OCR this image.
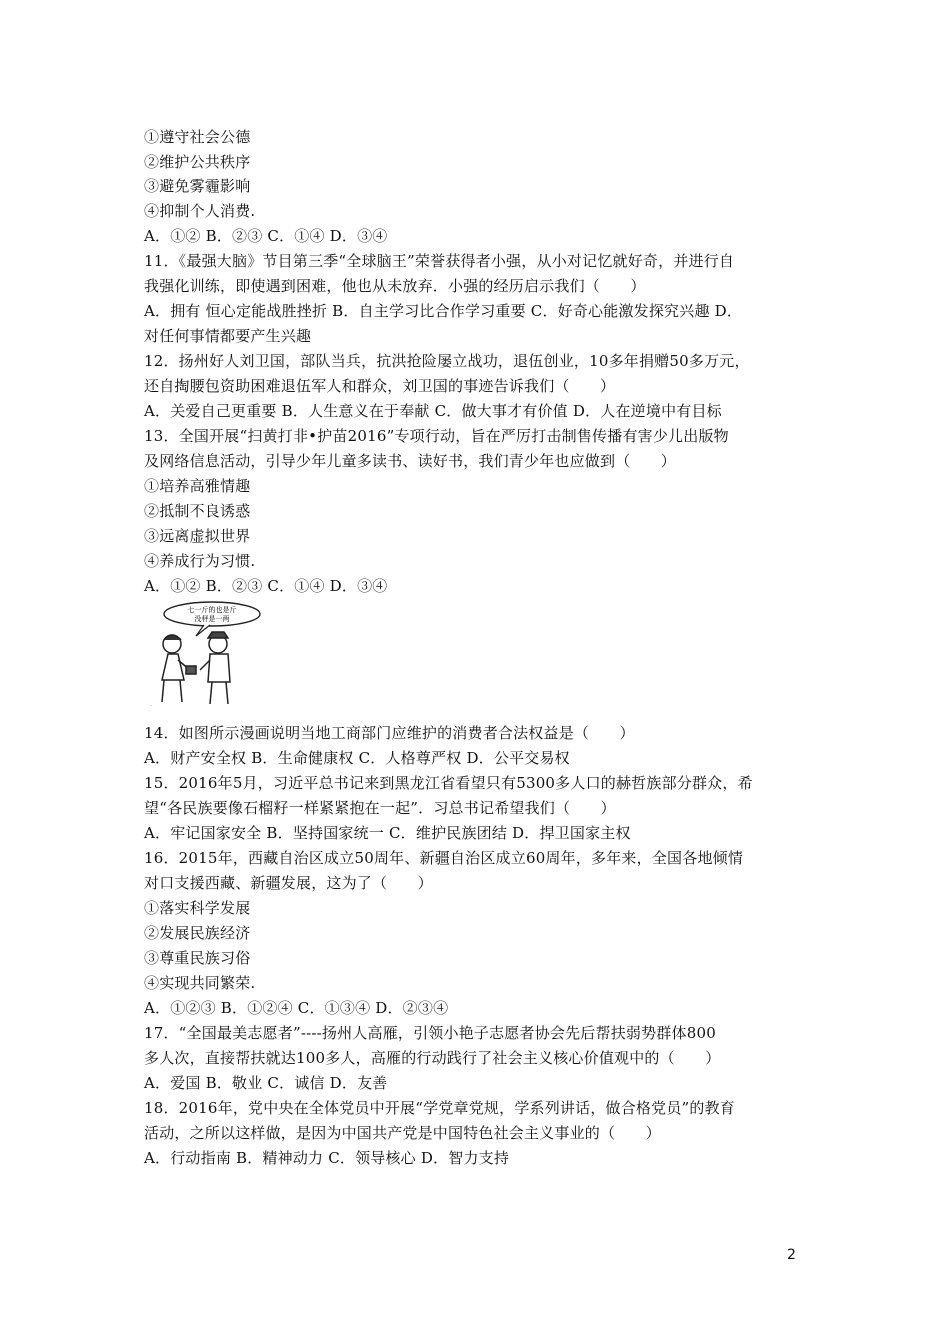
①遵守社会公德
②维护公共秩序
③避免雾霾影响
④抑制个人消费.
A．①② B．②③ C．①④ D．③④
11．《最强大脑》节目第三季“全球脑王”荣誉获得者小强，从小对记忆就好奇，并进行自
我强化训练，即使遇到困难，他也从未放弃．小强的经历启示我们（　　）
A．拥有 恒心定能战胜挫折 B．自主学习比合作学习重要 C．好奇心能激发探究兴趣 D．
对任何事情都要产生兴趣
12．扬州好人刘卫国，部队当兵，抗洪抢险屡立战功，退伍创业，10多年捐赠50多万元，
还自掏腰包资助困难退伍军人和群众，刘卫国的事迹告诉我们（　　）
A．关爱自己更重要 B．人生意义在于奉献 C．做大事才有价值 D．人在逆境中有目标
13．全国开展“扫黄打非•护苗2016”专项行动，旨在严厉打击制售传播有害少儿出版物
及网络信息活动，引导少年儿童多读书、读好书，我们青少年也应做到（　　）
①培养高雅情趣
②抵制不良诱惑
③远离虚拟世界
④养成行为习惯.
A．①② B．②③ C．①④ D．③④
七一斤的也是斤
没秤是一两
·
14．如图所示漫画说明当地工商部门应维护的消费者合法权益是（　　）
A．财产安全权 B．生命健康权 C．人格尊严权 D．公平交易权
15．2016年5月，习近平总书记来到黑龙江省看望只有5300多人口的赫哲族部分群众，希
望“各民族要像石榴籽一样紧紧抱在一起”．习总书记希望我们（　　）
A．牢记国家安全 B．坚持国家统一 C．维护民族团结 D．捍卫国家主权
16．2015年，西藏自治区成立50周年、新疆自治区成立60周年，多年来，全国各地倾情
对口支援西藏、新疆发展，这为了（　　）
①落实科学发展
②发展民族经济
③尊重民族习俗
④实现共同繁荣.
A．①②③ B．①②④ C．①③④ D．②③④
17．“全国最美志愿者”----扬州人高雁，引领小艳子志愿者协会先后帮扶弱势群体800
多人次，直接帮扶就达100多人，高雁的行动践行了社会主义核心价值观中的（　　）
A．爱国 B．敬业 C．诚信 D．友善
18．2016年，党中央在全体党员中开展“学党章党规，学系列讲话，做合格党员”的教育
活动，之所以这样做，是因为中国共产党是中国特色社会主义事业的（　　）
A．行动指南 B．精神动力 C．领导核心 D．智力支持
2
